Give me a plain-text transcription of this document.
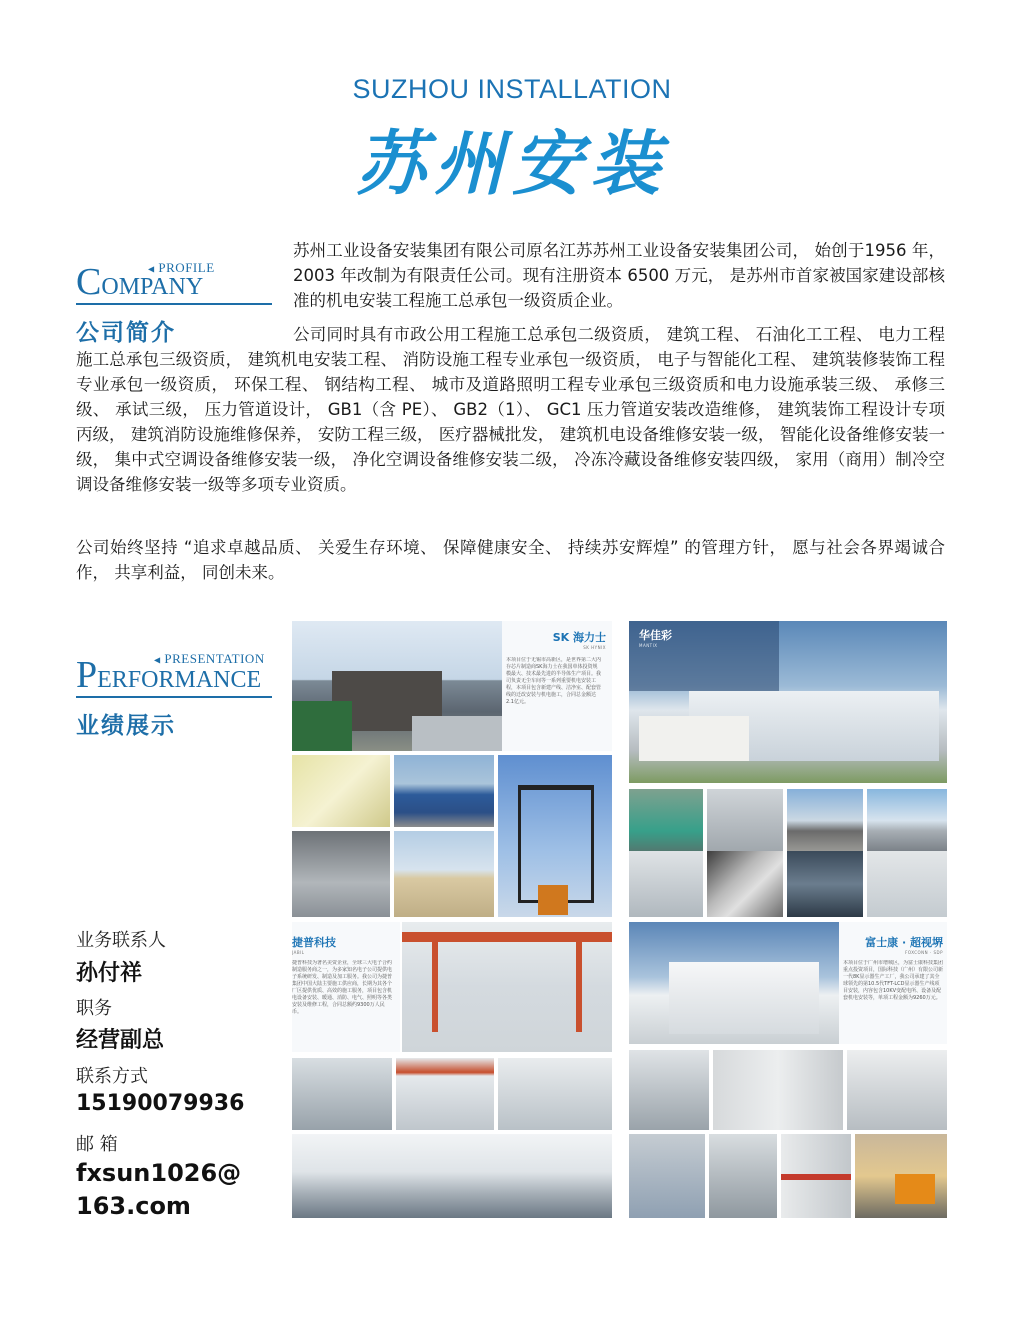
SUZHOU INSTALLATION
苏州安装
◀ PROFILE
COMPANY
公司简介
苏州工业设备安装集团有限公司原名江苏苏州工业设备安装集团公司， 始创于1956 年， 2003 年改制为有限责任公司。现有注册资本 6500 万元， 是苏州市首家被国家建设部核准的机电安装工程施工总承包一级资质企业。
公司同时具有市政公用工程施工总承包二级资质， 建筑工程、 石油化工工程、 电力工程施工总承包三级资质， 建筑机电安装工程、 消防设施工程专业承包一级资质， 电子与智能化工程、 建筑装修装饰工程专业承包一级资质， 环保工程、 钢结构工程、 城市及道路照明工程专业承包三级资质和电力设施承装三级、 承修三级、 承试三级， 压力管道设计， GB1（含 PE）、 GB2（1）、 GC1 压力管道安装改造维修， 建筑装饰工程设计专项丙级， 建筑消防设施维修保养， 安防工程三级， 医疗器械批发， 建筑机电设备维修安装一级， 智能化设备维修安装一级， 集中式空调设备维修安装一级， 净化空调设备维修安装二级， 冷冻冷藏设备维修安装四级， 家用（商用）制冷空调设备维修安装一级等多项专业资质。
公司始终坚持 “追求卓越品质、 关爱生存环境、 保障健康安全、 持续苏安辉煌” 的管理方针， 愿与社会各界竭诚合作， 共享利益， 同创未来。
◀ PRESENTATION
PERFORMANCE
业绩展示
业务联系人
孙付祥
职务
经营副总
联系方式
15190079936
邮 箱
fxsun1026@
163.com
SK 海力士
SK HYNIX
本项目位于无锡市高新区，是世界第二大内存芯片制造商SK海力士在我国单体投资规模最大、技术最先进的半导体生产项目。我司负责无尘车间等一系列重要机电安装工程，本项目包含新建产线、洁净室、配套管线的迁改安装与机电施工，合同总金额达2.1亿元。
华佳彩
MANTIX
捷普科技
JABIL
捷普科技为著名美资企业，全球三大电子合约制造服务商之一，为多家知名电子公司提供电子系统研发、制造及加工服务。我公司为捷普集团中国大陆主要施工供应商，长期为其各个厂区提供优质、高效的施工服务，项目包含机电设备安装、暖通、消防、电气、照明等各类安装及维修工程，合同总额约9300万人民币。
富士康 · 超视堺
FOXCONN · SDP
本项目位于广州市增城区，为富士康科技集团重点投资项目，国际科技（广州）有限公司新一代8K显示器生产工厂，我公司承建了其全球领先的第10.5代TFT-LCD显示器生产线项目安装，内容包含10KV变配电所、设备及配套机电安装等，单项工程金额为9260万元。
